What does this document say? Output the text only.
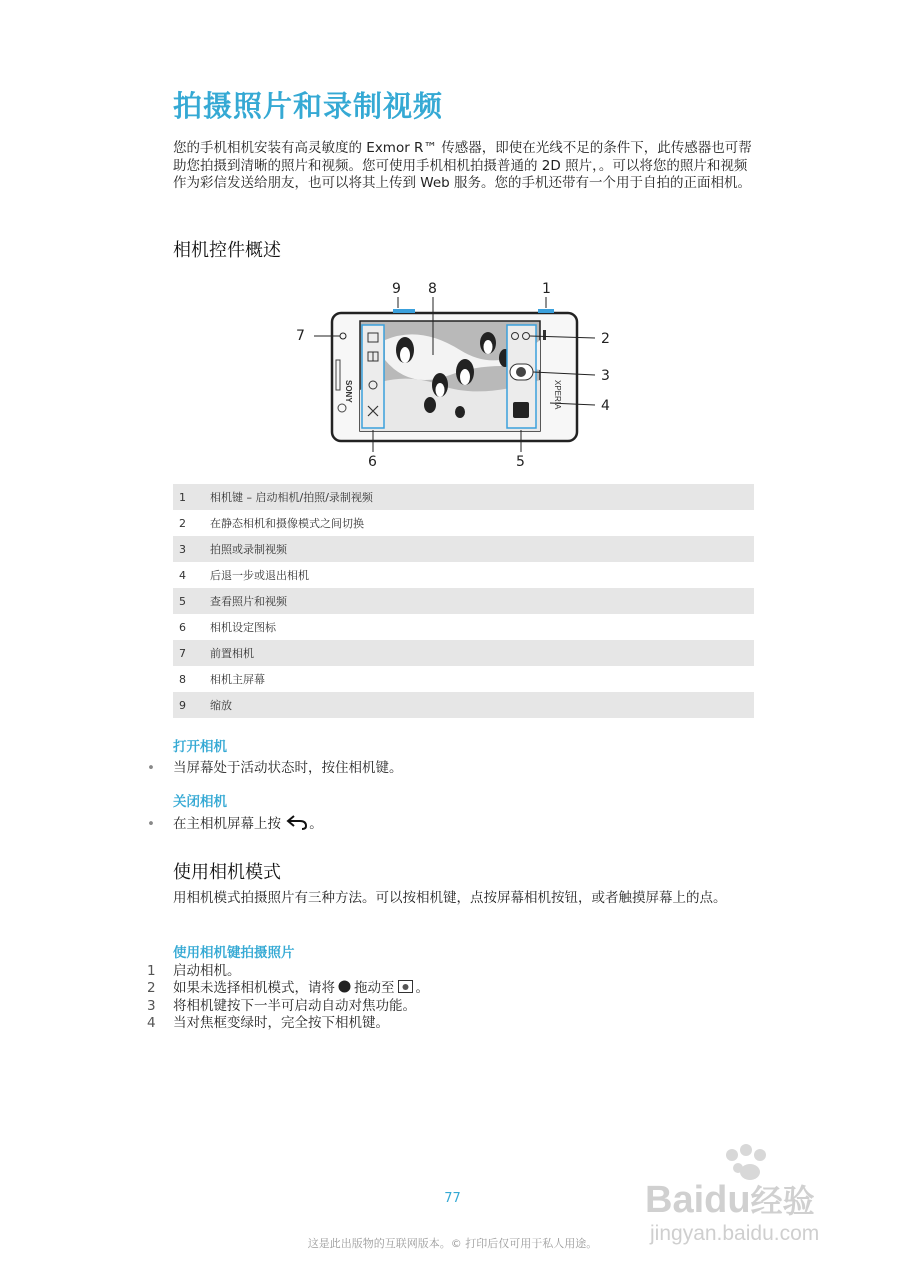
拍摄照片和录制视频
您的手机相机安装有高灵敏度的 Exmor R™ 传感器，即使在光线不足的条件下，此传感器也可帮助您拍摄到清晰的照片和视频。您可使用手机相机拍摄普通的 2D 照片，。可以将您的照片和视频作为彩信发送给朋友，也可以将其上传到 Web 服务。您的手机还带有一个用于自拍的正面相机。
相机控件概述
XPERIA
SONY
9 8	1
7	2
3
4
5
6
1	相机键 – 启动相机/拍照/录制视频
2	在静态相机和摄像模式之间切换
3	拍照或录制视频
4	后退一步或退出相机
5	查看照片和视频
6	相机设定图标
7	前置相机
8	相机主屏幕
9	缩放
打开相机
• 当屏幕处于活动状态时，按住相机键。
关闭相机
• 在主相机屏幕上按 。
使用相机模式
用相机模式拍摄照片有三种方法。可以按相机键，点按屏幕相机按钮，或者触摸屏幕上的点。
使用相机键拍摄照片
1	启动相机。
2	如果未选择相机模式，请将 拖动至 。
3	将相机键按下一半可启动自动对焦功能。
4	当对焦框变绿时，完全按下相机键。
Baidu经验
jingyan.baidu.com
77
这是此出版物的互联网版本。© 打印后仅可用于私人用途。
